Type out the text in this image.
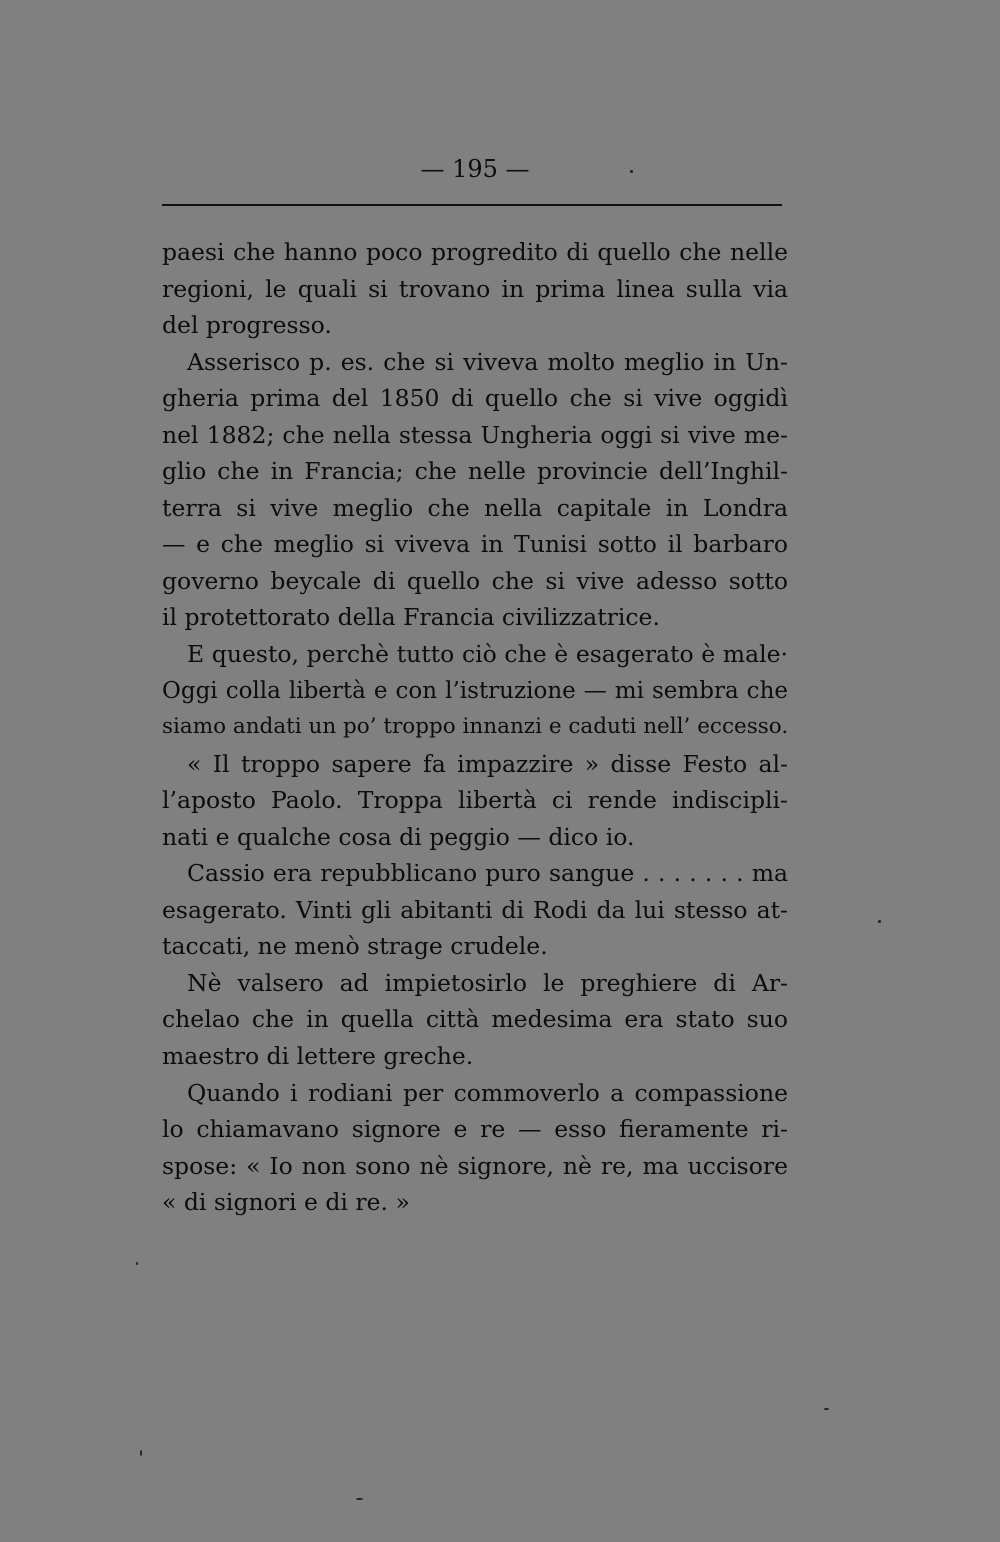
— 195 —
paesi che hanno poco progredito di quello che nelle
regioni, le quali si trovano in prima linea sulla via
del progresso.
Asserisco p. es. che si viveva molto meglio in Un-
gheria prima del 1850 di quello che si vive oggidì
nel 1882; che nella stessa Ungheria oggi si vive me-
glio che in Francia; che nelle provincie dell’Inghil-
terra si vive meglio che nella capitale in Londra
— e che meglio si viveva in Tunisi sotto il barbaro
governo beycale di quello che si vive adesso sotto
il protettorato della Francia civilizzatrice.
E questo, perchè tutto ciò che è esagerato è male·
Oggi colla libertà e con l’istruzione — mi sembra che
siamo andati un po’ troppo innanzi e caduti nell’ eccesso.
« Il troppo sapere fa impazzire » disse Festo al-
l’aposto Paolo. Troppa libertà ci rende indiscipli-
nati e qualche cosa di peggio — dico io.
Cassio era repubblicano puro sangue . . . . . . . ma
esagerato. Vinti gli abitanti di Rodi da lui stesso at-
taccati, ne menò strage crudele.
Nè valsero ad impietosirlo le preghiere di Ar-
chelao che in quella città medesima era stato suo
maestro di lettere greche.
Quando i rodiani per commoverlo a compassione
lo chiamavano signore e re — esso fieramente ri-
spose: « Io non sono nè signore, nè re, ma uccisore
« di signori e di re. »
